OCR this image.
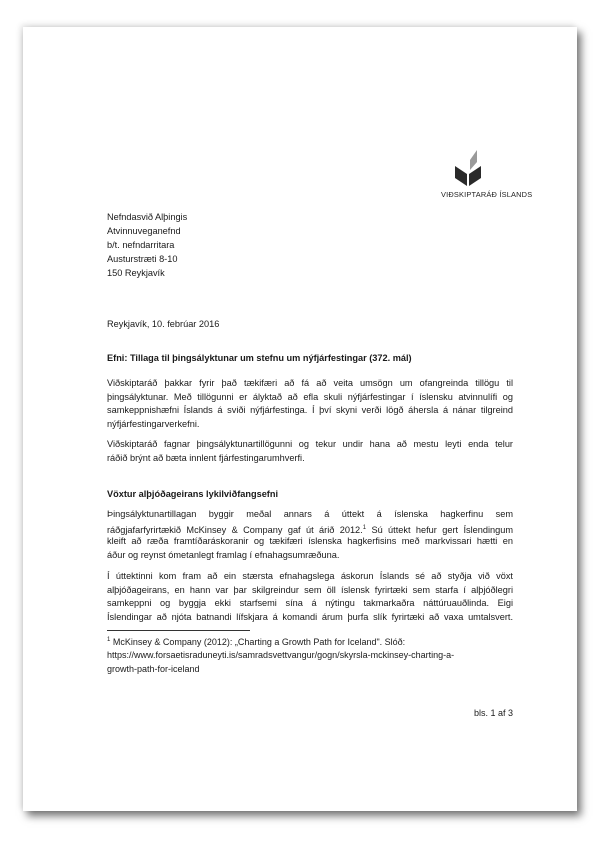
VIÐSKIPTARÁÐ ÍSLANDS
Nefndasvið Alþingis
Atvinnuveganefnd
b/t. nefndarritara
Austurstræti 8-10
150 Reykjavík
Reykjavík, 10. febrúar 2016
Efni: Tillaga til þingsályktunar um stefnu um nýfjárfestingar (372. mál)
Viðskiptaráð þakkar fyrir það tækifæri að fá að veita umsögn um ofangreinda tillögu til
þingsályktunar. Með tillögunni er ályktað að efla skuli nýfjárfestingar í íslensku atvinnulífi og
samkeppnishæfni Íslands á sviði nýfjárfestinga. Í því skyni verði lögð áhersla á nánar tilgreind
nýfjárfestingarverkefni.
Viðskiptaráð fagnar þingsályktunartillögunni og tekur undir hana að mestu leyti enda telur
ráðið brýnt að bæta innlent fjárfestingarumhverfi.
Vöxtur alþjóðageirans lykilviðfangsefni
Þingsályktunartillagan byggir meðal annars á úttekt á íslenska hagkerfinu sem
ráðgjafarfyrirtækið McKinsey & Company gaf út árið 2012.$^1$ Sú úttekt hefur gert Íslendingum
kleift að ræða framtíðaráskoranir og tækifæri íslenska hagkerfisins með markvissari hætti en
áður og reynst ómetanlegt framlag í efnahagsumræðuna.
Í úttektinni kom fram að ein stærsta efnahagslega áskorun Íslands sé að styðja við vöxt
alþjóðageirans, en hann var þar skilgreindur sem öll íslensk fyrirtæki sem starfa í alþjóðlegri
samkeppni og byggja ekki starfsemi sína á nýtingu takmarkaðra náttúruauðlinda. Eigi
Íslendingar að njóta batnandi lífskjara á komandi árum þurfa slík fyrirtæki að vaxa umtalsvert.
$^1$ McKinsey & Company (2012): „Charting a Growth Path for Iceland". Slóð:
https://www.forsaetisraduneyti.is/samradsvettvangur/gogn/skyrsla-mckinsey-charting-a-
growth-path-for-iceland
bls. 1 af 3
